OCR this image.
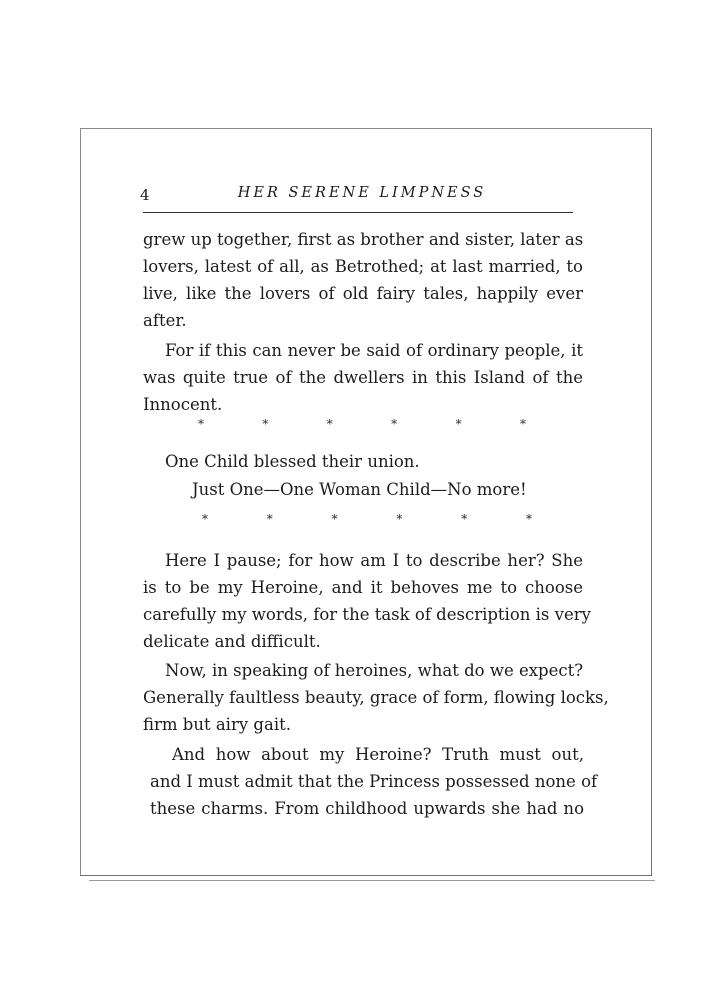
4	HER SERENE LIMPNESS
grew up together, first as brother and sister, later as
lovers, latest of all, as Betrothed; at last married, to
live, like the lovers of old fairy tales, happily ever
after.
For if this can never be said of ordinary people, it
was quite true of the dwellers in this Island of the
Innocent.
*	*	*	*	*	*
One Child blessed their union.
Just One—One Woman Child—No more!
*	*	*	*	*	*
Here I pause; for how am I to describe her? She
is to be my Heroine, and it behoves me to choose
carefully my words, for the task of description is very
delicate and difficult.
Now, in speaking of heroines, what do we expect?
Generally faultless beauty, grace of form, flowing locks,
firm but airy gait.
And how about my Heroine? Truth must out,
and I must admit that the Princess possessed none of
these charms. From childhood upwards she had no
